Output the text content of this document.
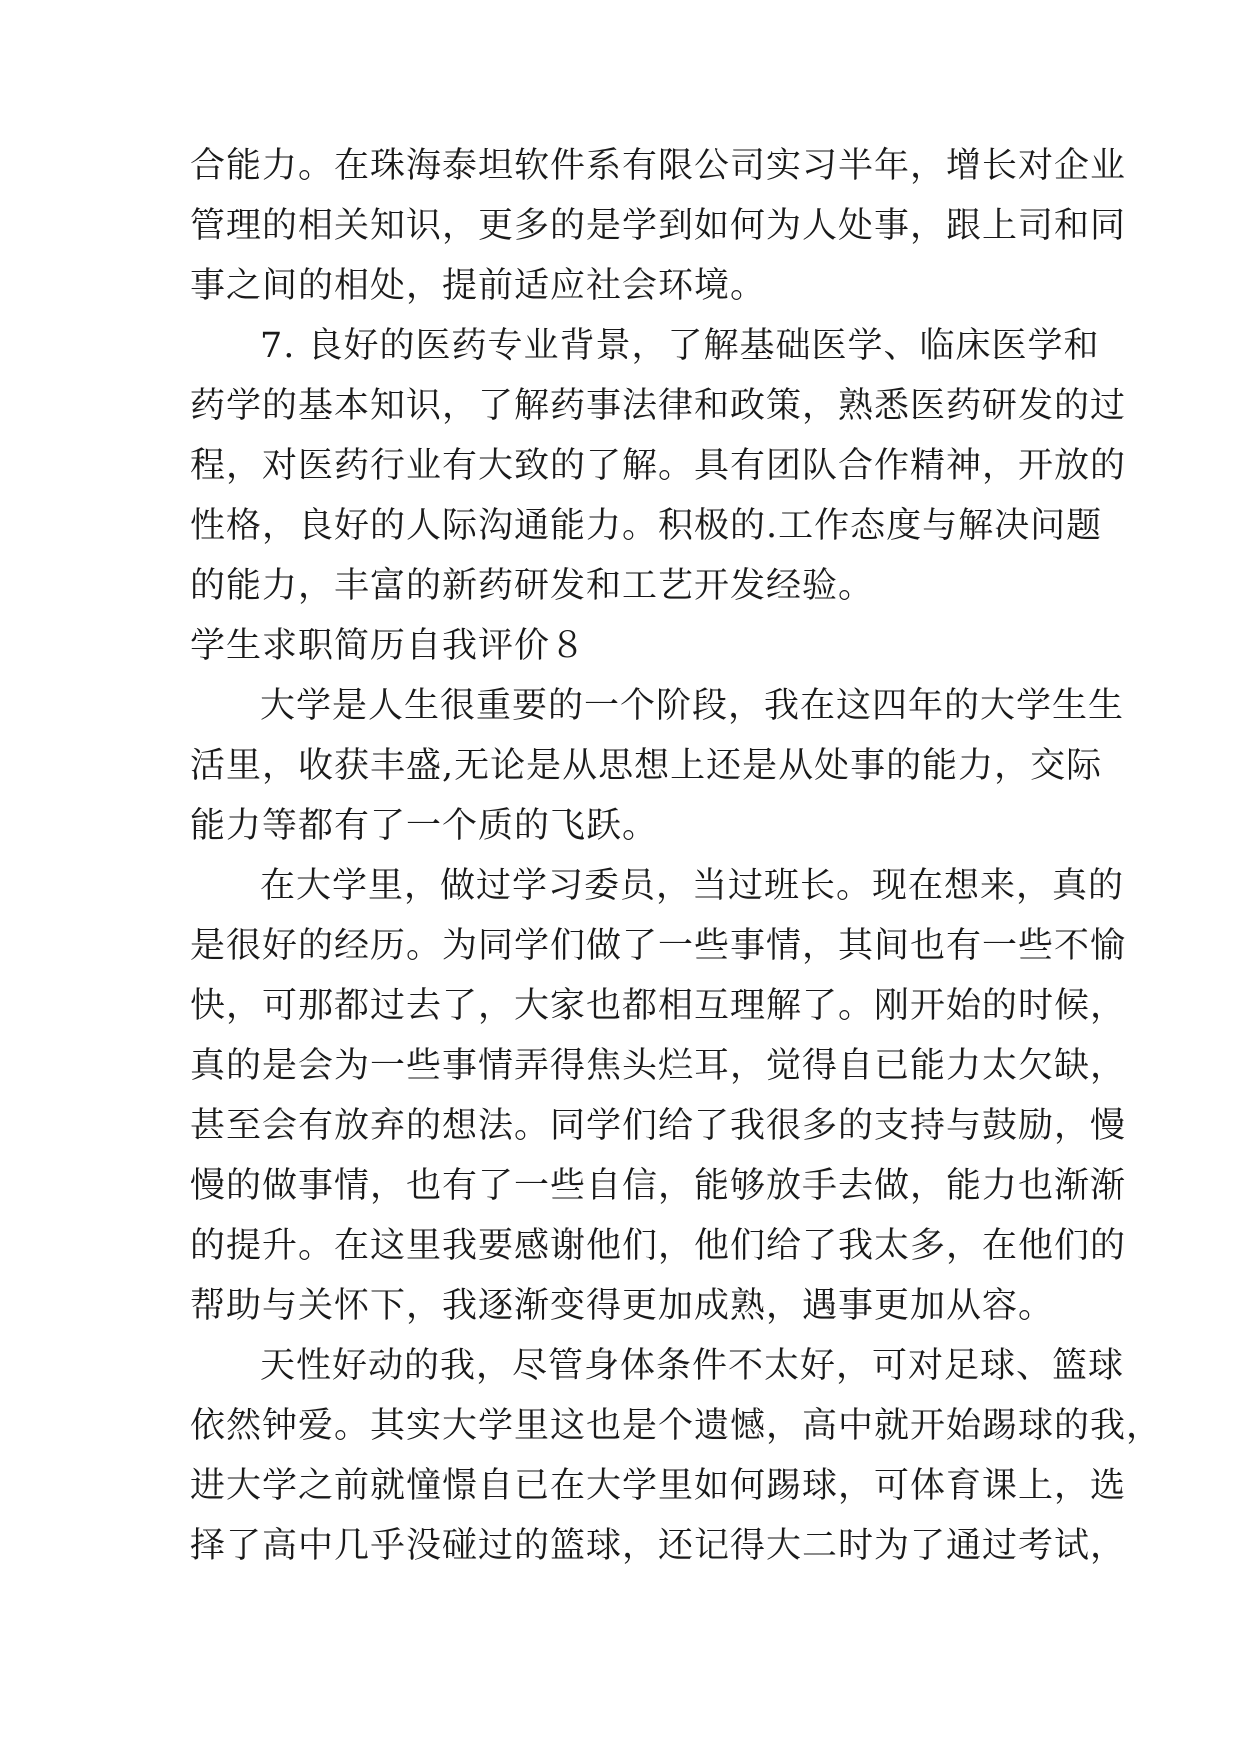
合能力。在珠海泰坦软件系有限公司实习半年，增长对企业
管理的相关知识，更多的是学到如何为人处事，跟上司和同
事之间的相处，提前适应社会环境。
7. 良好的医药专业背景，了解基础医学、临床医学和
药学的基本知识，了解药事法律和政策，熟悉医药研发的过
程，对医药行业有大致的了解。具有团队合作精神，开放的
性格，良好的人际沟通能力。积极的.工作态度与解决问题
的能力，丰富的新药研发和工艺开发经验。
学生求职简历自我评价８
大学是人生很重要的一个阶段，我在这四年的大学生生
活里，收获丰盛,无论是从思想上还是从处事的能力，交际
能力等都有了一个质的飞跃。
在大学里，做过学习委员，当过班长。现在想来，真的
是很好的经历。为同学们做了一些事情，其间也有一些不愉
快，可那都过去了，大家也都相互理解了。刚开始的时候，
真的是会为一些事情弄得焦头烂耳，觉得自已能力太欠缺，
甚至会有放弃的想法。同学们给了我很多的支持与鼓励，慢
慢的做事情，也有了一些自信，能够放手去做，能力也渐渐
的提升。在这里我要感谢他们，他们给了我太多，在他们的
帮助与关怀下，我逐渐变得更加成熟，遇事更加从容。
天性好动的我，尽管身体条件不太好，可对足球、篮球
依然钟爱。其实大学里这也是个遗憾，高中就开始踢球的我，
进大学之前就憧憬自已在大学里如何踢球，可体育课上，选
择了高中几乎没碰过的篮球，还记得大二时为了通过考试，
